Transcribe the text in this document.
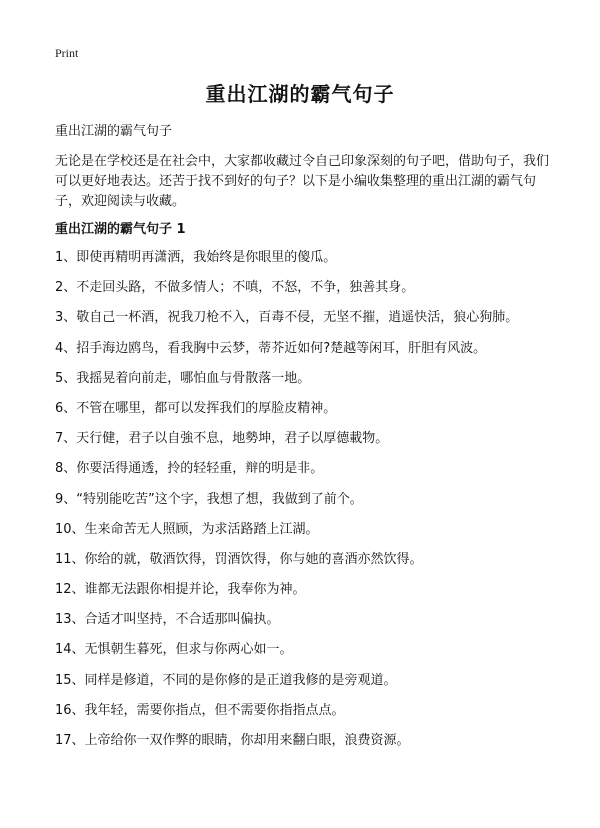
Print
重出江湖的霸气句子

重出江湖的霸气句子

无论是在学校还是在社会中，大家都收藏过令自己印象深刻的句子吧，借助句子，我们可以更好地表达。还苦于找不到好的句子？以下是小编收集整理的重出江湖的霸气句子，欢迎阅读与收藏。

重出江湖的霸气句子 1
1、即使再精明再潇洒，我始终是你眼里的傻瓜。
2、不走回头路，不做多情人；不嗔，不怒，不争，独善其身。
3、敬自己一杯酒，祝我刀枪不入，百毒不侵，无坚不摧，逍遥快活，狼心狗肺。
4、招手海边鸥鸟，看我胸中云梦，蒂芥近如何?楚越等闲耳，肝胆有风波。
5、我摇晃着向前走，哪怕血与骨散落一地。
6、不管在哪里，都可以发挥我们的厚脸皮精神。
7、天行健，君子以自強不息，地勢坤，君子以厚德載物。
8、你要活得通透，拎的轻轻重，辩的明是非。
9、“特别能吃苦”这个字，我想了想，我做到了前个。
10、生来命苦无人照顾，为求活路踏上江湖。
11、你给的就，敬酒饮得，罚酒饮得，你与她的喜酒亦然饮得。
12、谁都无法跟你相提并论，我奉你为神。
13、合适才叫坚持，不合适那叫偏执。
14、无惧朝生暮死，但求与你两心如一。
15、同样是修道，不同的是你修的是正道我修的是旁观道。
16、我年轻，需要你指点，但不需要你指指点点。
17、上帝给你一双作弊的眼睛，你却用来翻白眼，浪费资源。
